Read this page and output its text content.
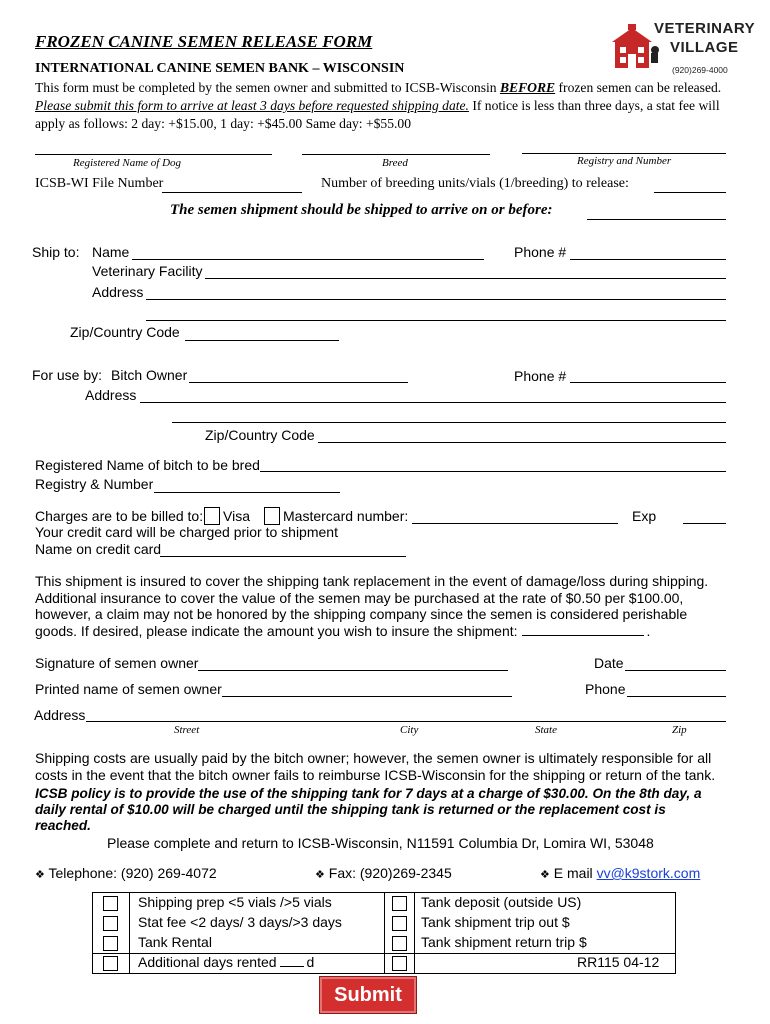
FROZEN CANINE SEMEN RELEASE FORM
INTERNATIONAL CANINE SEMEN BANK – WISCONSIN
This form must be completed by the semen owner and submitted to ICSB-Wisconsin BEFORE frozen semen can be released. Please submit this form to arrive at least 3 days before requested shipping date. If notice is less than three days, a stat fee will apply as follows: 2 day: +$15.00, 1 day: +$45.00 Same day: +$55.00
VETERINARY
VILLAGE
(920)269-4000
Registered Name of Dog	Breed	Registry and Number
ICSB-WI File Number	Number of breeding units/vials (1/breeding) to release:
The semen shipment should be shipped to arrive on or before:
Ship to: Name	Phone #
Veterinary Facility
Address
Zip/Country Code
For use by: Bitch Owner	Phone #
Address
Zip/Country Code
Registered Name of bitch to be bred
Registry & Number
Charges are to be billed to: Visa Mastercard number:	Exp
Your credit card will be charged prior to shipment
Name on credit card
This shipment is insured to cover the shipping tank replacement in the event of damage/loss during shipping.
Additional insurance to cover the value of the semen may be purchased at the rate of $0.50 per $100.00,
however, a claim may not be honored by the shipping company since the semen is considered perishable
goods. If desired, please indicate the amount you wish to insure the shipment:	.
Signature of semen owner	Date
Printed name of semen owner	Phone
Address
Street	City	State	Zip
Shipping costs are usually paid by the bitch owner; however, the semen owner is ultimately responsible for all
costs in the event that the bitch owner fails to reimburse ICSB-Wisconsin for the shipping or return of the tank.
ICSB policy is to provide the use of the shipping tank for 7 days at a charge of $30.00. On the 8th day, a
daily rental of $10.00 will be charged until the shipping tank is returned or the replacement cost is
reached.
Please complete and return to ICSB-Wisconsin, N11591 Columbia Dr, Lomira WI, 53048
❖ Telephone: (920) 269-4072	❖ Fax: (920)269-2345	❖ E mail vv@k9stork.com
Shipping prep <5 vials />5 vials	Tank deposit (outside US)
Stat fee <2 days/ 3 days/>3 days	Tank shipment trip out $
Tank Rental	Tank shipment return trip $
Additional days rented d	RR115 04-12
Submit
